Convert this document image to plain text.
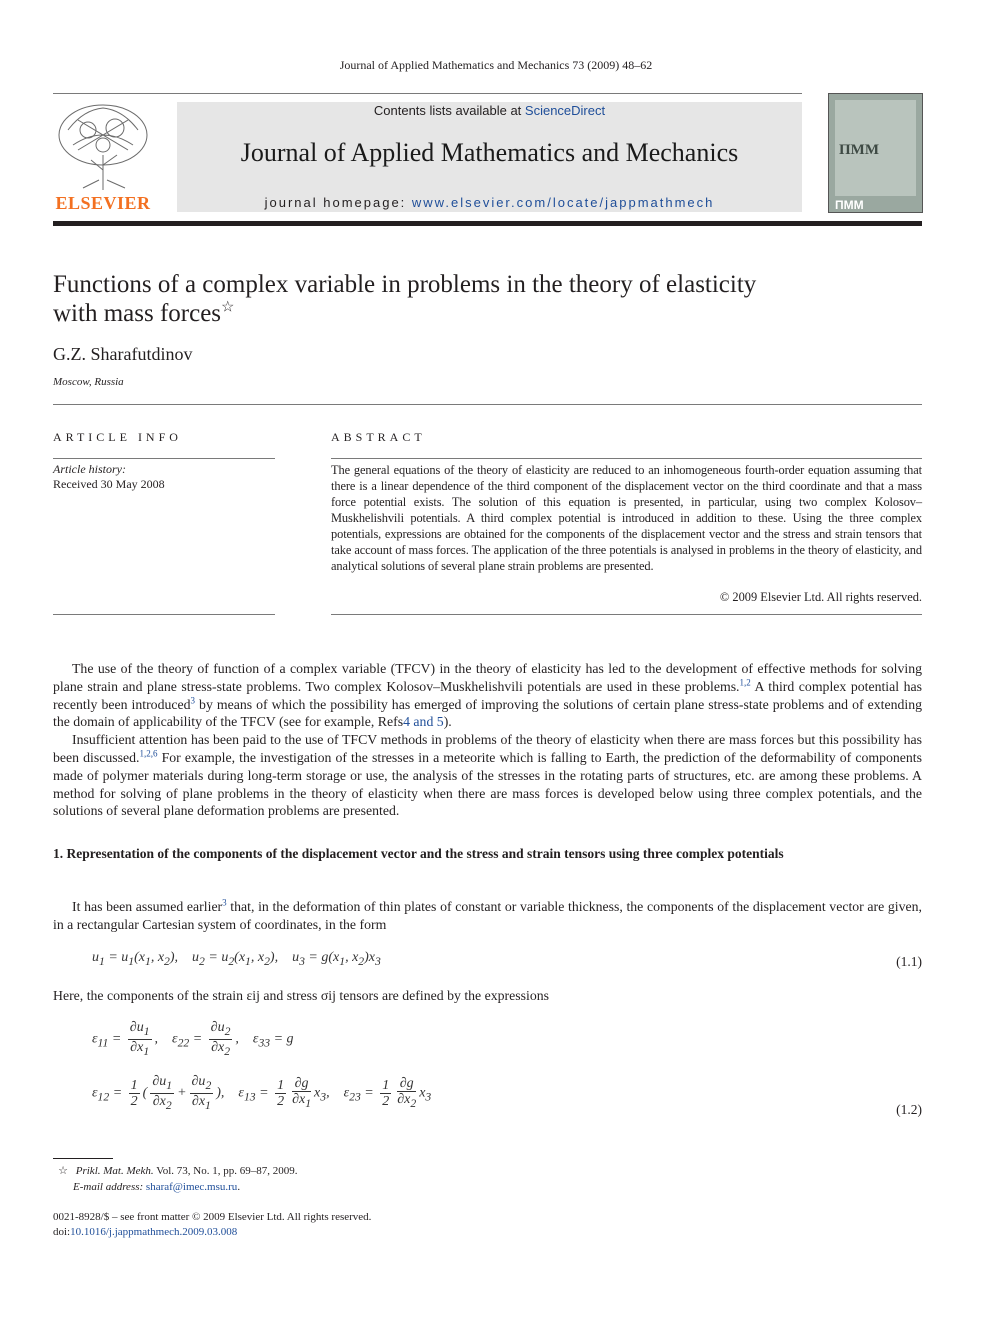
Journal of Applied Mathematics and Mechanics 73 (2009) 48–62
ELSEVIER
Contents lists available at ScienceDirect
Journal of Applied Mathematics and Mechanics
journal homepage: www.elsevier.com/locate/jappmathmech
ПММ
ПММ
Functions of a complex variable in problems in the theory of elasticity
with mass forces☆
G.Z. Sharafutdinov
Moscow, Russia
ARTICLE INFO
Article history:
Received 30 May 2008
ABSTRACT
The general equations of the theory of elasticity are reduced to an inhomogeneous fourth-order equation assuming that there is a linear dependence of the third component of the displacement vector on the third coordinate and that a mass force potential exists. The solution of this equation is presented, in particular, using two complex Kolosov–Muskhelishvili potentials. A third complex potential is introduced in addition to these. Using the three complex potentials, expressions are obtained for the components of the displacement vector and the stress and strain tensors that take account of mass forces. The application of the three potentials is analysed in problems in the theory of elasticity, and analytical solutions of several plane strain problems are presented.
© 2009 Elsevier Ltd. All rights reserved.

The use of the theory of function of a complex variable (TFCV) in the theory of elasticity has led to the development of effective methods for solving plane strain and plane stress-state problems. Two complex Kolosov–Muskhelishvili potentials are used in these problems.$^{1,2}$ A third complex potential has recently been introduced$^3$ by means of which the possibility has emerged of improving the solutions of certain plane stress-state problems and of extending the domain of applicability of the TFCV (see for example, Refs4 and 5).

Insufficient attention has been paid to the use of TFCV methods in problems of the theory of elasticity when there are mass forces but this possibility has been discussed.$^{1,2,6}$ For example, the investigation of the stresses in a meteorite which is falling to Earth, the prediction of the deformability of components made of polymer materials during long-term storage or use, the analysis of the stresses in the rotating parts of structures, etc. are among these problems. A method for solving of plane problems in the theory of elasticity when there are mass forces is developed below using three complex potentials, and the solutions of several plane deformation problems are presented.

1. Representation of the components of the displacement vector and the stress and strain tensors using three complex potentials

It has been assumed earlier$^3$ that, in the deformation of thin plates of constant or variable thickness, the components of the displacement vector are given, in a rectangular Cartesian system of coordinates, in the form

$u_1 = u_1(x_1$, $x_2$),    $u_2 = u_2(x_1$, $x_2$),    $u_3 = g(x_1$, $x_2)x_3$	(1.1)
Here, the components of the strain εij and stress σij tensors are defined by the expressions
$\varepsilon_{11} = \frac{\partial u_1}{\partial x_1}$ ,    $\varepsilon_{22} = \frac{\partial u_2}{\partial x_2}$ ,    $\varepsilon_{33} = g$
$\varepsilon_{12} = \frac{1}{2}$ ( $\frac{\partial u_1}{\partial x_2} + \frac{\partial u_2}{\partial x_1}$ ),    $\varepsilon_{13} = \frac{1}{2} \frac{\partial g}{\partial x_1} x_3$,    $\varepsilon_{23} = \frac{1}{2} \frac{\partial g}{\partial x_2} x_3$
(1.2)
☆ Prikl. Mat. Mekh. Vol. 73, No. 1, pp. 69–87, 2009.
E-mail address: sharaf@imec.msu.ru.
0021-8928/$ – see front matter © 2009 Elsevier Ltd. All rights reserved.
doi:10.1016/j.jappmathmech.2009.03.008
